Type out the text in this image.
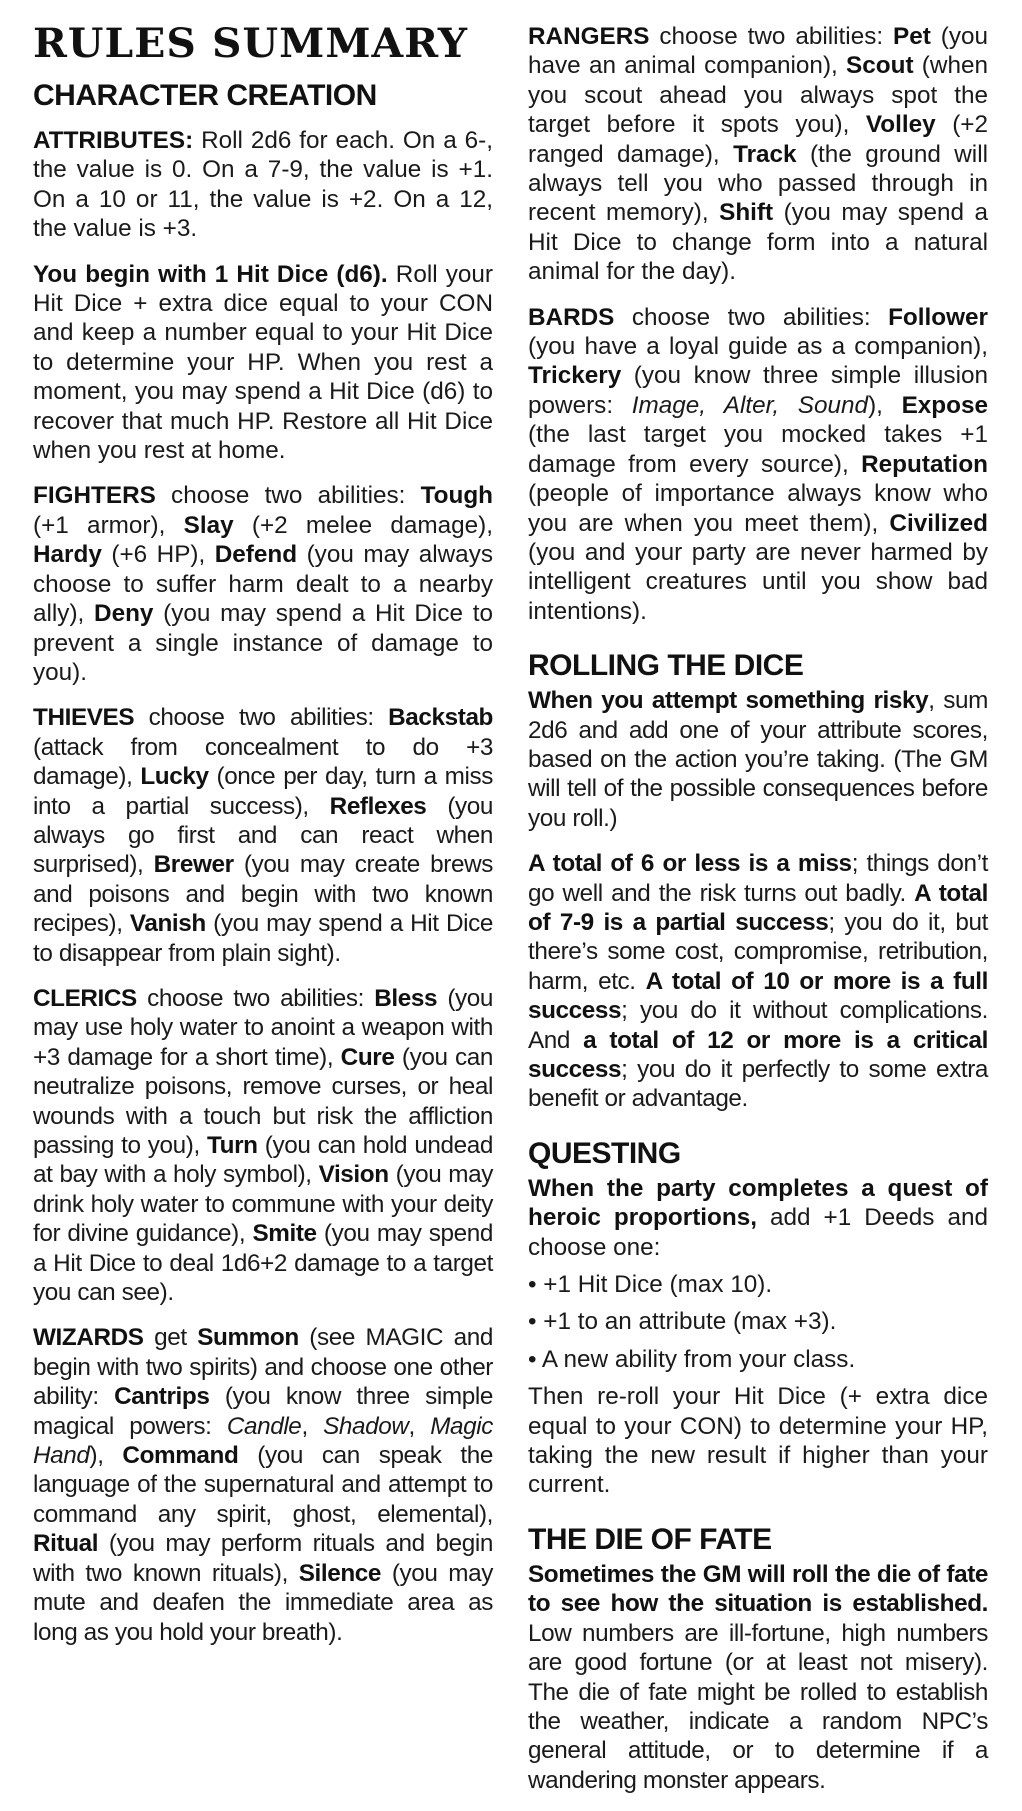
RULES SUMMARY
CHARACTER CREATION

ATTRIBUTES: Roll 2d6 for each. On a 6-, the value is 0. On a 7-9, the value is +1. On a 10 or 11, the value is +2. On a 12, the value is +3.

You begin with 1 Hit Dice (d6). Roll your Hit Dice + extra dice equal to your CON and keep a number equal to your Hit Dice to determine your HP. When you rest a moment, you may spend a Hit Dice (d6) to recover that much HP. Restore all Hit Dice when you rest at home.

FIGHTERS choose two abilities: Tough (+1 armor), Slay (+2 melee damage), Hardy (+6 HP), Defend (you may always choose to suffer harm dealt to a nearby ally), Deny (you may spend a Hit Dice to prevent a single instance of damage to you).

THIEVES choose two abilities: Backstab (attack from concealment to do +3 damage), Lucky (once per day, turn a miss into a partial success), Reflexes (you always go first and can react when surprised), Brewer (you may create brews and poisons and begin with two known recipes), Vanish (you may spend a Hit Dice to disappear from plain sight).

CLERICS choose two abilities: Bless (you may use holy water to anoint a weapon with +3 damage for a short time), Cure (you can neutralize poisons, remove curses, or heal wounds with a touch but risk the affliction passing to you), Turn (you can hold undead at bay with a holy symbol), Vision (you may drink holy water to commune with your deity for divine guidance), Smite (you may spend a Hit Dice to deal 1d6+2 damage to a target you can see).

WIZARDS get Summon (see MAGIC and begin with two spirits) and choose one other ability: Cantrips (you know three simple magical powers: Candle, Shadow, Magic Hand), Command (you can speak the language of the supernatural and attempt to command any spirit, ghost, elemental), Ritual (you may perform rituals and begin with two known rituals), Silence (you may mute and deafen the immediate area as long as you hold your breath).

RANGERS choose two abilities: Pet (you have an animal companion), Scout (when you scout ahead you always spot the target before it spots you), Volley (+2 ranged damage), Track (the ground will always tell you who passed through in recent memory), Shift (you may spend a Hit Dice to change form into a natural animal for the day).

BARDS choose two abilities: Follower (you have a loyal guide as a companion), Trickery (you know three simple illusion powers: Image, Alter, Sound), Expose (the last target you mocked takes +1 damage from every source), Reputation (people of importance always know who you are when you meet them), Civilized (you and your party are never harmed by intelligent creatures until you show bad intentions).

ROLLING THE DICE

When you attempt something risky, sum 2d6 and add one of your attribute scores, based on the action you’re taking. (The GM will tell of the possible consequences before you roll.)

A total of 6 or less is a miss; things don’t go well and the risk turns out badly. A total of 7-9 is a partial success; you do it, but there’s some cost, compromise, retribution, harm, etc. A total of 10 or more is a full success; you do it without complications. And a total of 12 or more is a critical success; you do it perfectly to some extra benefit or advantage.

QUESTING

When the party completes a quest of heroic proportions, add +1 Deeds and choose one:

• +1 Hit Dice (max 10).
• +1 to an attribute (max +3).
• A new ability from your class.

Then re-roll your Hit Dice (+ extra dice equal to your CON) to determine your HP, taking the new result if higher than your current.

THE DIE OF FATE

Sometimes the GM will roll the die of fate to see how the situation is established. Low numbers are ill-fortune, high numbers are good fortune (or at least not misery). The die of fate might be rolled to establish the weather, indicate a random NPC’s general attitude, or to determine if a wandering monster appears.
